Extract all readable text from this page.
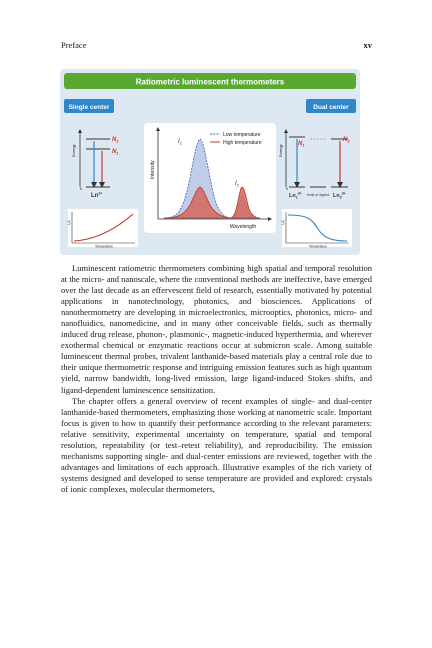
Preface	xv
Ratiometric luminescent thermometers
Single center	Dual center
Energy
$N_2$
$N_1$
0
$Ln^{3+}$
I₂/I₁
Temperature
Intensity
Wavelength
$I_1$
$I_2$
Low temperature
High temperature
Energy
$N_1$
$N_2$
0
$Ln_1^{3+}$ Host or ligand $Ln_2^{3+}$
I₂/I₁
Temperature

Luminescent ratiometric thermometers combining high spatial and temporal resolution at the micro- and nanoscale, where the conventional methods are ineffective, have emerged over the last decade as an effervescent field of research, essentially motivated by potential applications in nanotechnology, photonics, and biosciences. Applications of nanothermometry are developing in microelectronics, microoptics, photonics, micro- and nanofluidics, nanomedicine, and in many other conceivable fields, such as thermally induced drug release, phonon-, plasmonic-, magnetic-induced hyperthermia, and wherever exothermal chemical or enzymatic reactions occur at submicron scale. Among suitable luminescent thermal probes, trivalent lanthanide-based materials play a central role due to their unique thermometric response and intriguing emission features such as high quantum yield, narrow bandwidth, long-lived emission, large ligand-induced Stokes shifts, and ligand-dependent luminescence sensitization.

The chapter offers a general overview of recent examples of single- and dual-center lanthanide-based thermometers, emphasizing those working at nanometric scale. Important focus is given to how to quantify their performance according to the relevant parameters: relative sensitivity, experimental uncertainty on temperature, spatial and temporal resolution, repeatability (or test–retest reliability), and reproducibility. The emission mechanisms supporting single- and dual-center emissions are reviewed, together with the advantages and limitations of each approach. Illustrative examples of the rich variety of systems designed and developed to sense temperature are provided and explored: crystals of ionic complexes, molecular thermometers,
